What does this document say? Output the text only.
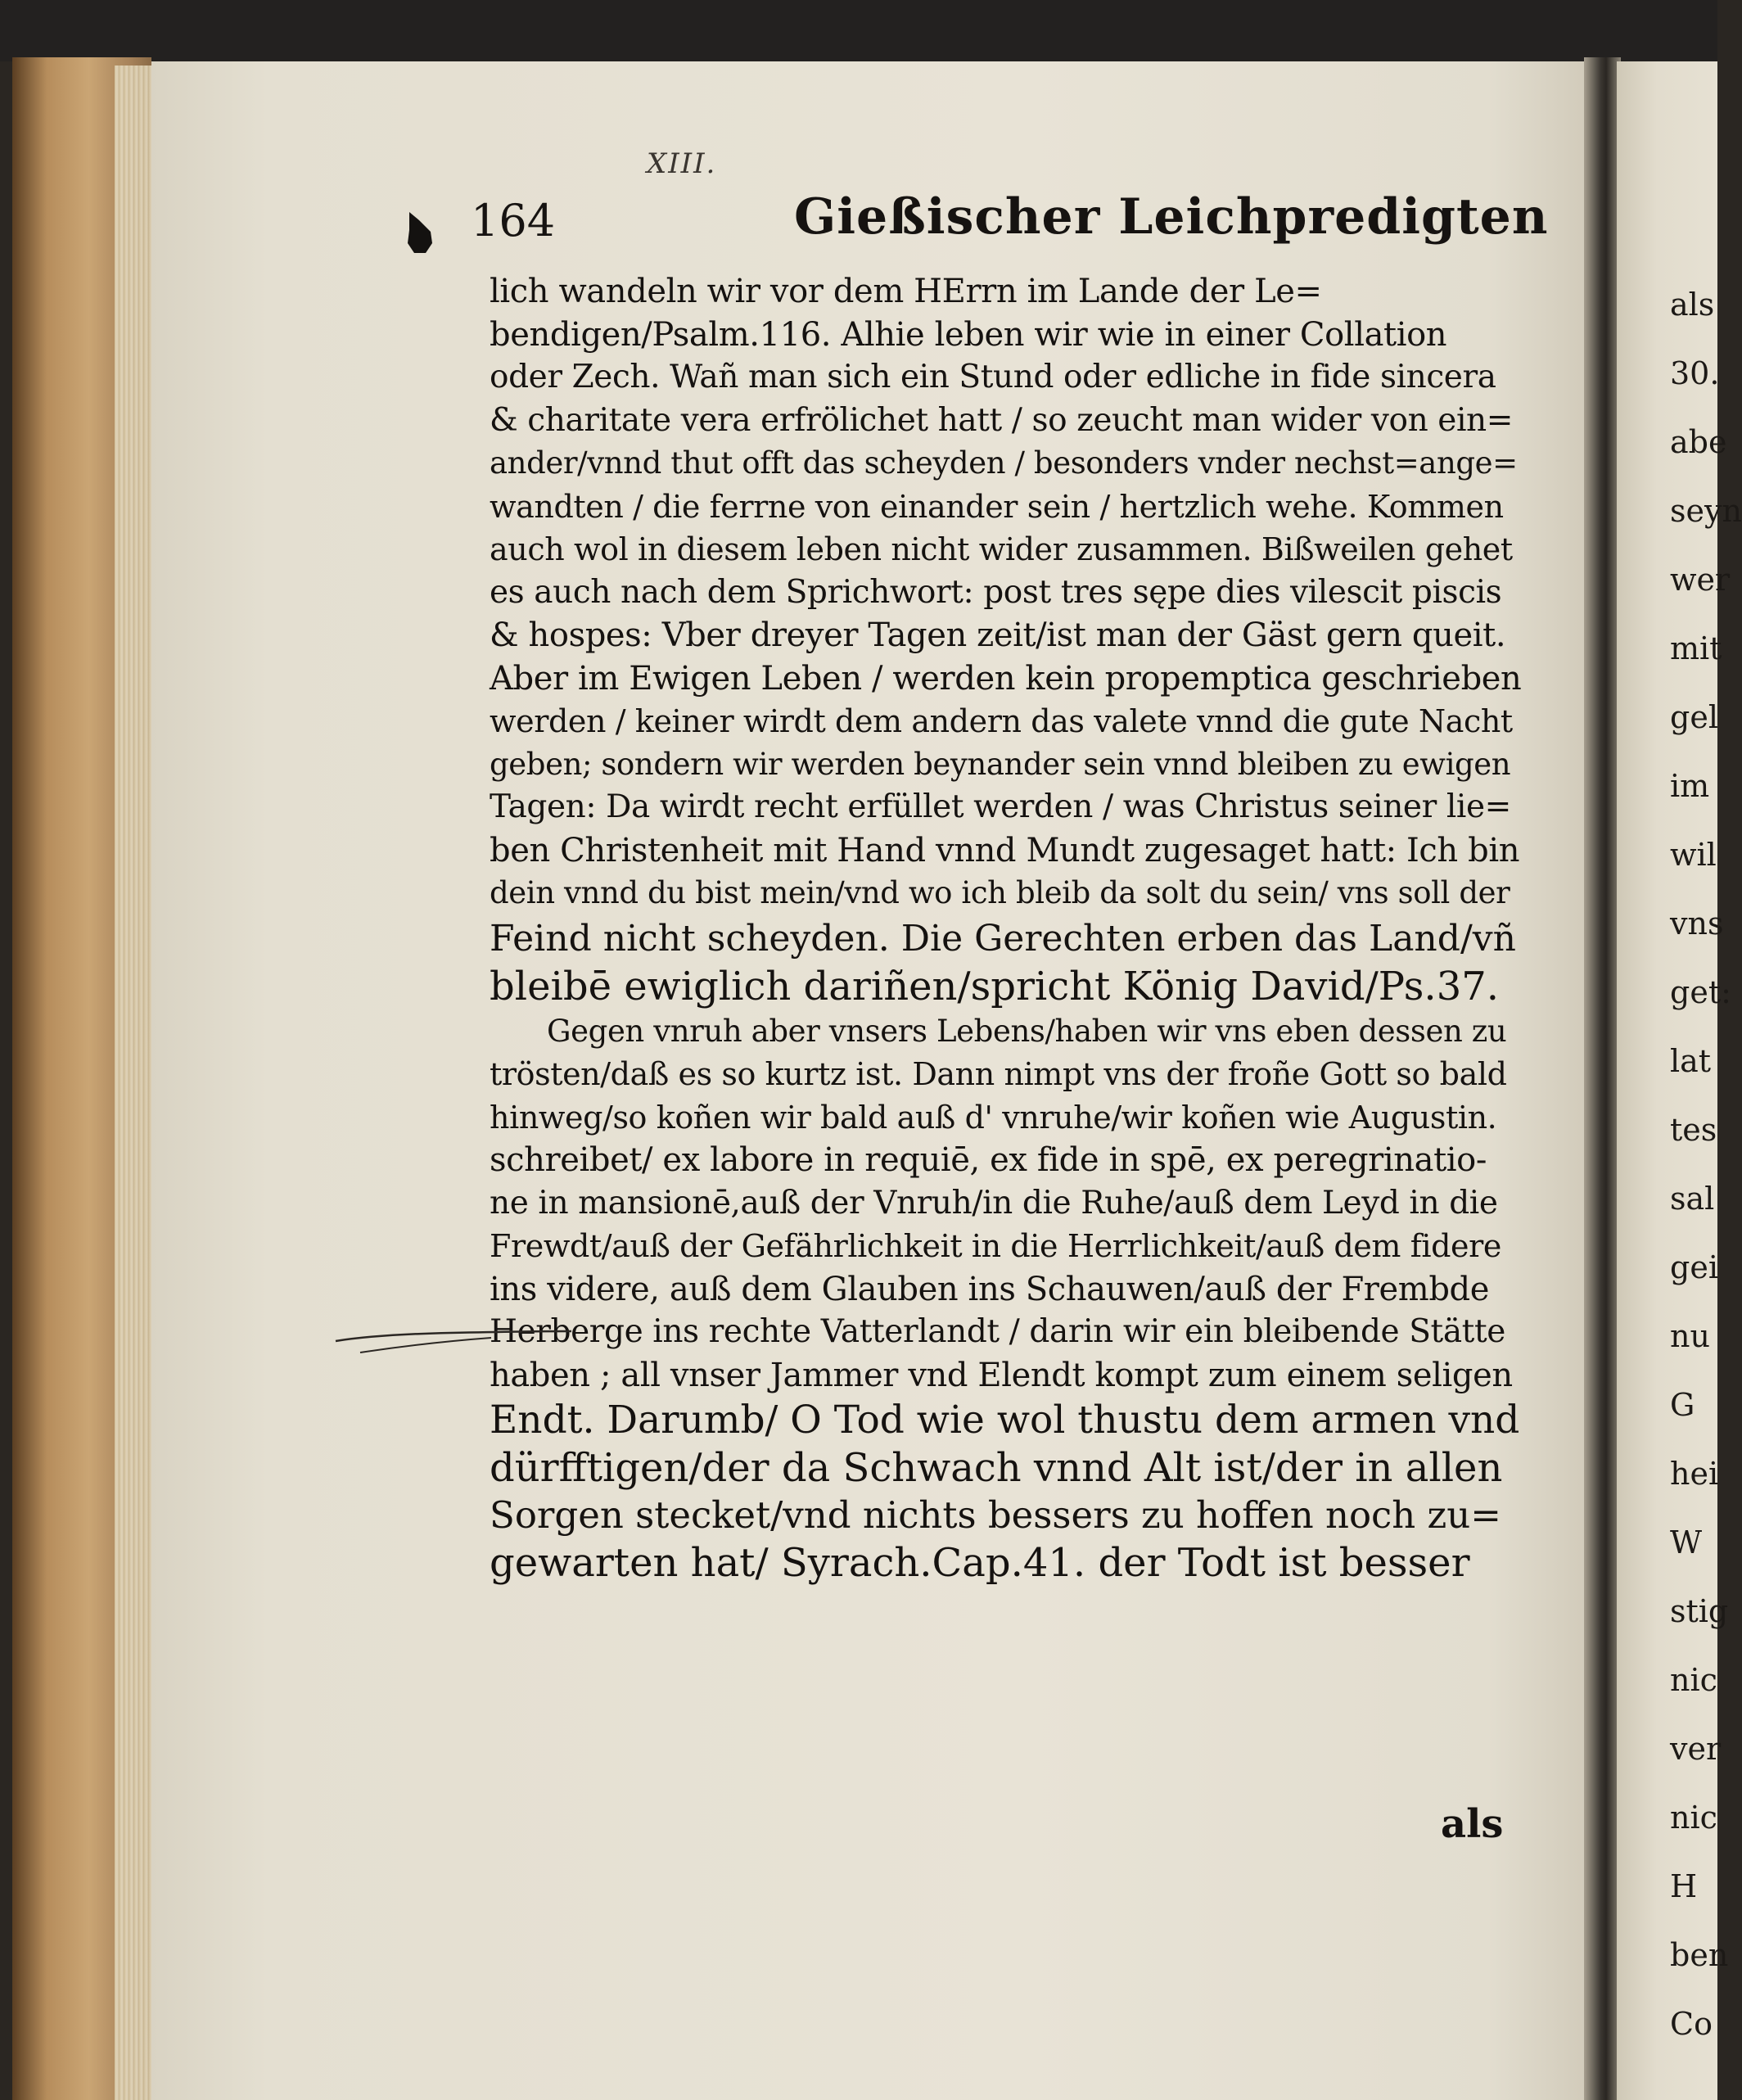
XIII.
164	Gießischer Leichpredigten
lich wandeln wir vor dem HErrn im Lande der Le=
bendigen/Psalm.116. Alhie leben wir wie in einer Collation
oder Zech. Wañ man sich ein Stund oder edliche in fide sincera
& charitate vera erfrölichet hatt / so zeucht man wider von ein=
ander/vnnd thut offt das scheyden / besonders vnder nechst=ange=
wandten / die ferrne von einander sein / hertzlich wehe. Kommen
auch wol in diesem leben nicht wider zusammen. Bißweilen gehet
es auch nach dem Sprichwort: post tres sępe dies vilescit piscis
& hospes: Vber dreyer Tagen zeit/ist man der Gäst gern queit.
Aber im Ewigen Leben / werden kein propemptica geschrieben
werden / keiner wirdt dem andern das valete vnnd die gute Nacht
geben; sondern wir werden beynander sein vnnd bleiben zu ewigen
Tagen: Da wirdt recht erfüllet werden / was Christus seiner lie=
ben Christenheit mit Hand vnnd Mundt zugesaget hatt: Ich bin
dein vnnd du bist mein/vnd wo ich bleib da solt du sein/ vns soll der
Feind nicht scheyden. Die Gerechten erben das Land/vñ
bleibē ewiglich dariñen/spricht König David/Ps.37.
Gegen vnruh aber vnsers Lebens/haben wir vns eben dessen zu
trösten/daß es so kurtz ist. Dann nimpt vns der froñe Gott so bald
hinweg/so koñen wir bald auß d' vnruhe/wir koñen wie Augustin.
schreibet/ ex labore in requiē, ex fide in spē, ex peregrinatio-
ne in mansionē,auß der Vnruh/in die Ruhe/auß dem Leyd in die
Frewdt/auß der Gefährlichkeit in die Herrlichkeit/auß dem fidere
ins videre, auß dem Glauben ins Schauwen/auß der Frembde
Herberge ins rechte Vatterlandt / darin wir ein bleibende Stätte
haben ; all vnser Jammer vnd Elendt kompt zum einem seligen
Endt. Darumb/ O Tod wie wol thustu dem armen vnd
dürfftigen/der da Schwach vnnd Alt ist/der in allen
Sorgen stecket/vnd nichts bessers zu hoffen noch zu=
gewarten hat/ Syrach.Cap.41. der Todt ist besser
als
als
30.
abe
seyn
wer
mit
gel
im
wil
vns
get:
lat
tes
sal
gei
nu
G
hei
W
stig
nic
ver
nic
H
ben
Co
